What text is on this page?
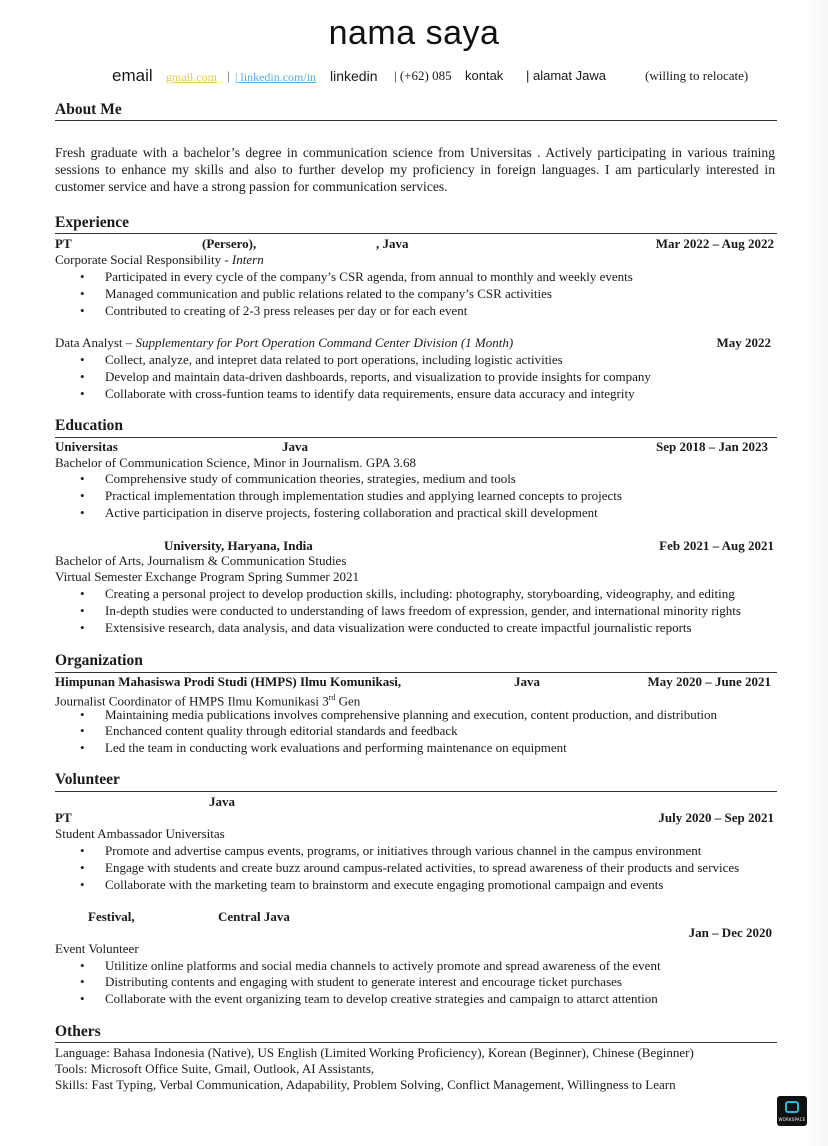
nama saya
email gmail.com | | linkedin.com/in linkedin | (+62) 085 kontak | alamat Jawa	(willing to relocate)
About Me
Fresh graduate with a bachelor’s degree in communication science from Universitas . Actively participating in various training sessions to enhance my skills and also to further develop my proficiency in foreign languages. I am particularly interested in customer service and have a strong passion for communication services.
Experience
PT	(Persero),	, Java	Mar 2022 – Aug 2022
Corporate Social Responsibility - Intern
Participated in every cycle of the company’s CSR agenda, from annual to monthly and weekly events
Managed communication and public relations related to the company’s CSR activities
Contributed to creating of 2-3 press releases per day or for each event
Data Analyst – Supplementary for Port Operation Command Center Division (1 Month)	May 2022
Collect, analyze, and intepret data related to port operations, including logistic activities
Develop and maintain data-driven dashboards, reports, and visualization to provide insights for company
Collaborate with cross-funtion teams to identify data requirements, ensure data accuracy and integrity
Education
Universitas	Java	Sep 2018 – Jan 2023
Bachelor of Communication Science, Minor in Journalism. GPA 3.68
Comprehensive study of communication theories, strategies, medium and tools
Practical implementation through implementation studies and applying learned concepts to projects
Active participation in diserve projects, fostering collaboration and practical skill development
University, Haryana, India	Feb 2021 – Aug 2021
Bachelor of Arts, Journalism & Communication Studies
Virtual Semester Exchange Program Spring Summer 2021
Creating a personal project to develop production skills, including: photography, storyboarding, videography, and editing
In-depth studies were conducted to understanding of laws freedom of expression, gender, and international minority rights
Extensisive research, data analysis, and data visualization were conducted to create impactful journalistic reports
Organization
Himpunan Mahasiswa Prodi Studi (HMPS) Ilmu Komunikasi,	Java	May 2020 – June 2021
Journalist Coordinator of HMPS Ilmu Komunikasi 3rd Gen
Maintaining media publications involves comprehensive planning and execution, content production, and distribution
Enchanced content quality through editorial standards and feedback
Led the team in conducting work evaluations and performing maintenance on equipment
Volunteer
Java
PT	July 2020 – Sep 2021
Student Ambassador Universitas
Promote and advertise campus events, programs, or initiatives through various channel in the campus environment
Engage with students and create buzz around campus-related activities, to spread awareness of their products and services
Collaborate with the marketing team to brainstorm and execute engaging promotional campaign and events
Festival,	Central Java
Jan – Dec 2020
Event Volunteer
Utilitize online platforms and social media channels to actively promote and spread awareness of the event
Distributing contents and engaging with student to generate interest and encourage ticket purchases
Collaborate with the event organizing team to develop creative strategies and campaign to attarct attention
Others
Language: Bahasa Indonesia (Native), US English (Limited Working Proficiency), Korean (Beginner), Chinese (Beginner)
Tools: Microsoft Office Suite, Gmail, Outlook, AI Assistants,
Skills: Fast Typing, Verbal Communication, Adapability, Problem Solving, Conflict Management, Willingness to Learn
WORKSPACE
